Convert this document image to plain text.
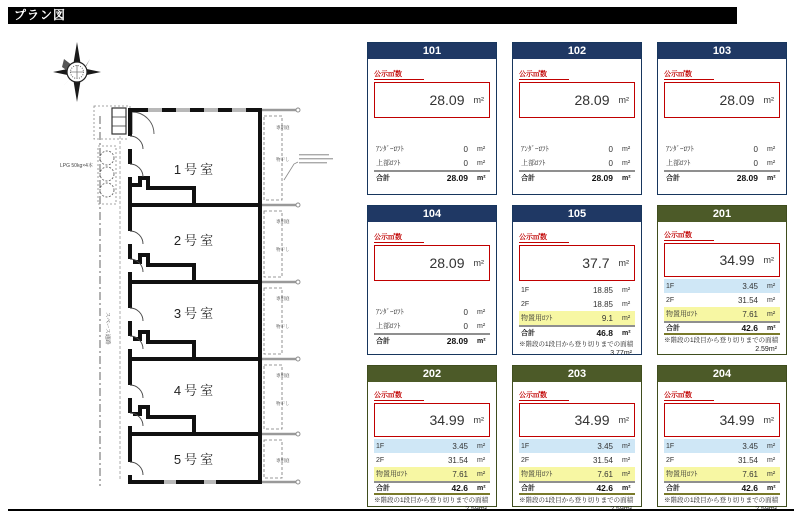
プラン図
スペース通路
LPG 50kg×4本	1号室
2号室
3号室
4号室
5号室
専用庭
物干し
専用庭
物干し
専用庭
物干し
専用庭
物干し
専用庭
101
公示㎡数
28.09 m²
ｱﾝﾀﾞｰﾛﾌﾄ	0	m²
上部ﾛﾌﾄ	0	m²
合計	28.09	m²
102
公示㎡数
28.09 m²
ｱﾝﾀﾞｰﾛﾌﾄ	0	m²
上部ﾛﾌﾄ	0	m²
合計	28.09	m²
103
公示㎡数
28.09 m²
ｱﾝﾀﾞｰﾛﾌﾄ	0	m²
上部ﾛﾌﾄ	0	m²
合計	28.09	m²
104
公示㎡数
28.09 m²
ｱﾝﾀﾞｰﾛﾌﾄ	0	m²
上部ﾛﾌﾄ	0	m²
合計	28.09	m²
105
公示㎡数
37.7 m²
1F	18.85	m²
2F	18.85	m²
物置用ﾛﾌﾄ	9.1	m²
合計	46.8	m²
※階段の1段目から登り切りまでの面積
3.77m²
201
公示㎡数
34.99 m²
1F	3.45	m²
2F	31.54	m²
物置用ﾛﾌﾄ	7.61	m²
合計	42.6	m²
※階段の1段目から登り切りまでの面積
2.59m²
202
公示㎡数
34.99 m²
1F	3.45	m²
2F	31.54	m²
物置用ﾛﾌﾄ	7.61	m²
合計	42.6	m²
※階段の1段目から登り切りまでの面積
203
公示㎡数
34.99 m²
1F	3.45	m²
2F	31.54	m²
物置用ﾛﾌﾄ	7.61	m²
合計	42.6	m²
※階段の1段目から登り切りまでの面積
204
公示㎡数
34.99 m²
1F	3.45	m²
2F	31.54	m²
物置用ﾛﾌﾄ	7.61	m²
合計	42.6	m²
※階段の1段目から登り切りまでの面積
